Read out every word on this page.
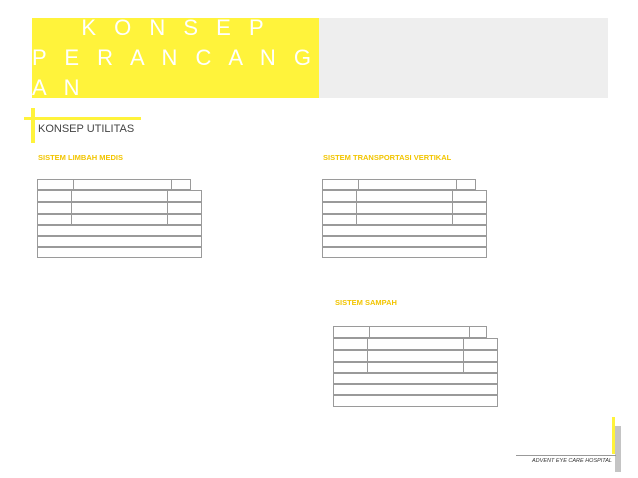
K O N S E P
P E R A N C A N G A N
KONSEP UTILITAS
SISTEM LIMBAH MEDIS	SISTEM TRANSPORTASI VERTIKAL
SISTEM SAMPAH
ADVENT EYE CARE HOSPITAL
